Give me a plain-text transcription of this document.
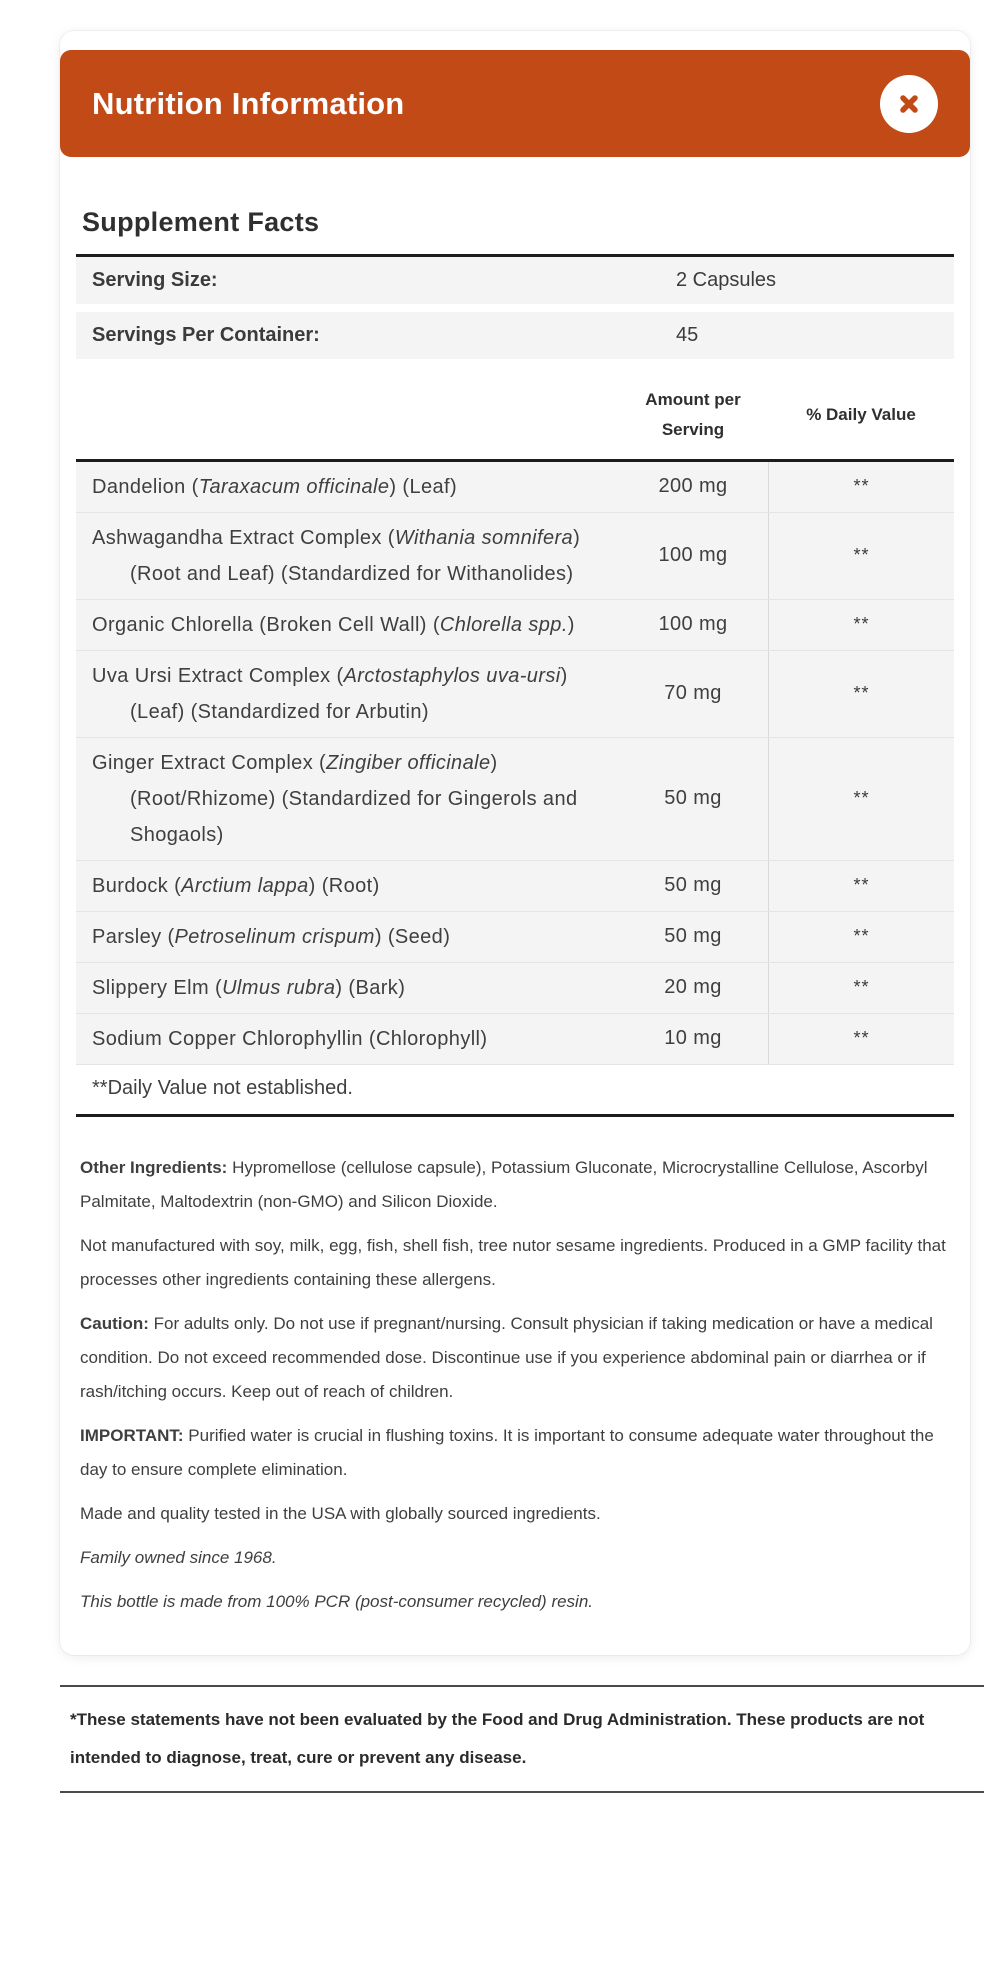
Nutrition Information
Supplement Facts
Serving Size:	2 Capsules
Servings Per Container:	45
Amount per Serving
% Daily Value
Dandelion (Taraxacum officinale) (Leaf)	200 mg	**
Ashwagandha Extract Complex (Withania somnifera)
(Root and Leaf) (Standardized for Withanolides)
100 mg	**
Organic Chlorella (Broken Cell Wall) (Chlorella spp.)	100 mg	**
Uva Ursi Extract Complex (Arctostaphylos uva-ursi)
(Leaf) (Standardized for Arbutin)
70 mg	**
Ginger Extract Complex (Zingiber officinale)
(Root/Rhizome) (Standardized for Gingerols and Shogaols)
50 mg	**
Burdock (Arctium lappa) (Root)	50 mg	**
Parsley (Petroselinum crispum) (Seed)	50 mg	**
Slippery Elm (Ulmus rubra) (Bark)	20 mg	**
Sodium Copper Chlorophyllin (Chlorophyll)	10 mg	**
**Daily Value not established.

Other Ingredients: Hypromellose (cellulose capsule), Potassium Gluconate, Microcrystalline Cellulose, Ascorbyl Palmitate, Maltodextrin (non-GMO) and Silicon Dioxide.

Not manufactured with soy, milk, egg, fish, shell fish, tree nutor sesame ingredients. Produced in a GMP facility that processes other ingredients containing these allergens.

Caution: For adults only. Do not use if pregnant/nursing. Consult physician if taking medication or have a medical condition. Do not exceed recommended dose. Discontinue use if you experience abdominal pain or diarrhea or if rash/itching occurs. Keep out of reach of children.

IMPORTANT: Purified water is crucial in flushing toxins. It is important to consume adequate water throughout the day to ensure complete elimination.

Made and quality tested in the USA with globally sourced ingredients.

Family owned since 1968.

This bottle is made from 100% PCR (post-consumer recycled) resin.

*These statements have not been evaluated by the Food and Drug Administration. These products are not intended to diagnose, treat, cure or prevent any disease.
